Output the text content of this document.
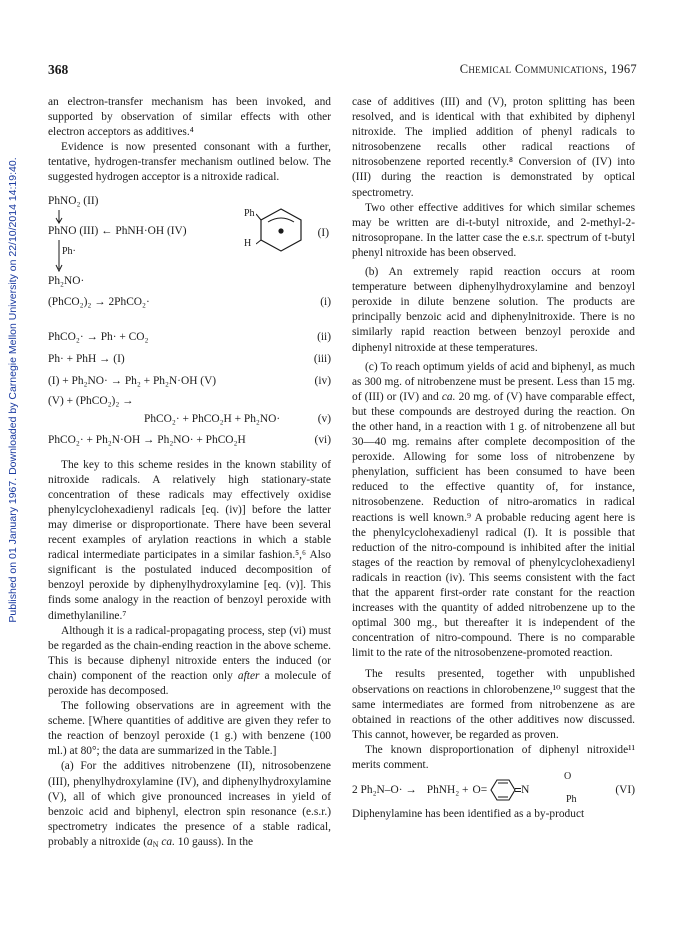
Published on 01 January 1967. Downloaded by Carnegie Mellon University on 22/10/2014 14:19:40.
368	Chemical Communications, 1967

an electron-transfer mechanism has been invoked, and supported by observation of similar effects with other electron acceptors as additives.⁴

Evidence is now presented consonant with a further, tentative, hydrogen-transfer mechanism outlined below. The suggested hydrogen acceptor is a nitroxide radical.

PhNO₂ (II)
PhNO (III) ← PhNH·OH (IV)
Ph·
Ph₂NO·
Ph
H
(I)
(PhCO₂)₂ → 2PhCO₂·	(i)
PhCO₂· → Ph· + CO₂	(ii)
Ph· + PhH → (I)	(iii)
(I) + Ph₂NO· → Ph₂ + Ph₂N·OH (V)	(iv)
(V) + (PhCO₂)₂ →
PhCO₂· + PhCO₂H + Ph₂NO·	(v)
PhCO₂· + Ph₂N·OH → Ph₂NO· + PhCO₂H	(vi)

The key to this scheme resides in the known stability of nitroxide radicals. A relatively high stationary-state concentration of these radicals may effectively oxidise phenylcyclohexadienyl radicals [eq. (iv)] before the latter may dimerise or disproportionate. There have been several recent examples of arylation reactions in which a stable radical intermediate participates in a similar fashion.⁵,⁶ Also significant is the postulated induced decomposition of benzoyl peroxide by diphenylhydroxylamine [eq. (v)]. This finds some analogy in the reaction of benzoyl peroxide with dimethylaniline.⁷

Although it is a radical-propagating process, step (vi) must be regarded as the chain-ending reaction in the above scheme. This is because diphenyl nitroxide enters the induced (or chain) component of the reaction only after a molecule of peroxide has decomposed.

The following observations are in agreement with the scheme. [Where quantities of additive are given they refer to the reaction of benzoyl peroxide (1 g.) with benzene (100 ml.) at 80°; the data are summarized in the Table.]

(a) For the additives nitrobenzene (II), nitrosobenzene (III), phenylhydroxylamine (IV), and diphenylhydroxylamine (V), all of which give pronounced increases in yield of benzoic acid and biphenyl, electron spin resonance (e.s.r.) spectrometry indicates the presence of a stable radical, probably a nitroxide ($a_N$ ca. 10 gauss). In the

case of additives (III) and (V), proton splitting has been resolved, and is identical with that exhibited by diphenyl nitroxide. The implied addition of phenyl radicals to nitrosobenzene recalls other radical reactions of nitrosobenzene reported recently.⁸ Conversion of (IV) into (III) during the reaction is demonstrated by optical spectrometry.

Two other effective additives for which similar schemes may be written are di-t-butyl nitroxide, and 2-methyl-2-nitrosopropane. In the latter case the e.s.r. spectrum of t-butyl phenyl nitroxide has been observed.

(b) An extremely rapid reaction occurs at room temperature between diphenylhydroxylamine and benzoyl peroxide in dilute benzene solution. The products are principally benzoic acid and diphenylnitroxide. There is no similarly rapid reaction between benzoyl peroxide and diphenyl nitroxide at these temperatures.

(c) To reach optimum yields of acid and biphenyl, as much as 300 mg. of nitrobenzene must be present. Less than 15 mg. of (III) or (IV) and ca. 20 mg. of (V) have comparable effect, but these compounds are destroyed during the reaction. On the other hand, in a reaction with 1 g. of nitrobenzene all but 30—40 mg. remains after complete decomposition of the peroxide. Allowing for some loss of nitrobenzene by phenylation, sufficient has been consumed to have been reduced to the effective quantity of, for instance, nitrosobenzene. Reduction of nitro-aromatics in radical reactions is well known.⁹ A probable reducing agent here is the phenylcyclohexadienyl radical (I). It is possible that reduction of the nitro-compound is inhibited after the initial stages of the reaction by removal of phenylcyclohexadienyl radicals in reaction (iv). This seems consistent with the fact that the apparent first-order rate constant for the reaction increases with the quantity of added nitrobenzene up to the optimal 300 mg., but thereafter it is independent of the concentration of nitro-compound. There is no comparable limit to the rate of the nitrosobenzene-promoted reaction.

The results presented, together with unpublished observations on reactions in chlorobenzene,¹⁰ suggest that the same intermediates are formed from nitrobenzene as are obtained in reactions of the other additives now discussed. This cannot, however, be regarded as proven.

The known disproportionation of diphenyl nitroxide¹¹ merits comment.

2 Ph₂N–O· → PhNH₂ + O=	N
O
Ph
(VI)

Diphenylamine has been identified as a by-product
